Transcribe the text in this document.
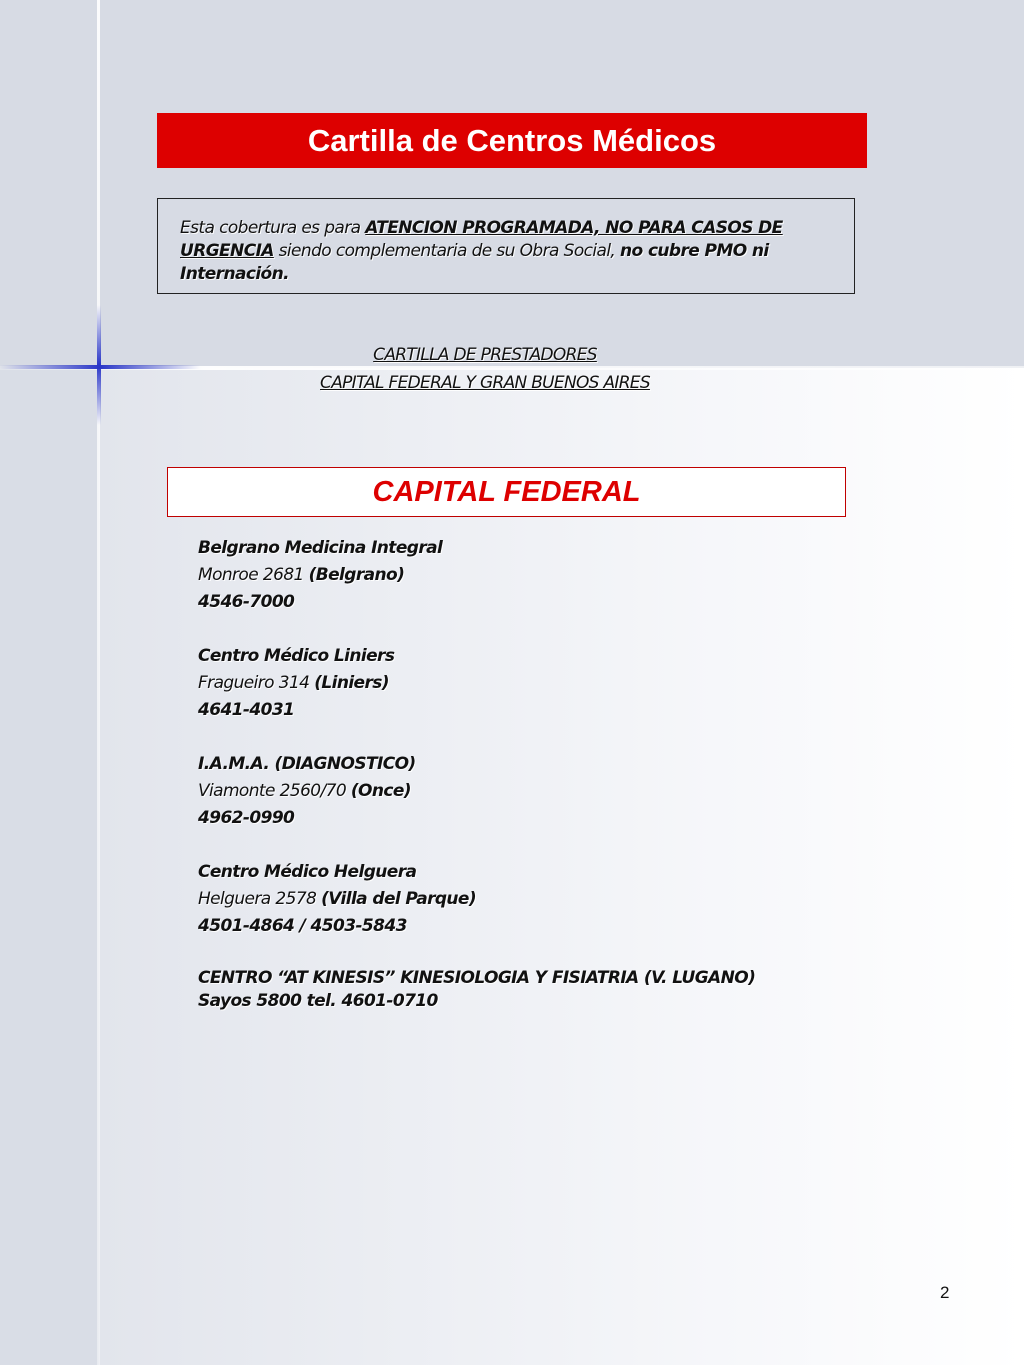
Cartilla de Centros Médicos
Esta cobertura es para ATENCION PROGRAMADA, NO PARA CASOS DE URGENCIA siendo complementaria de su Obra Social, no cubre PMO ni Internación.
CARTILLA DE PRESTADORES
CAPITAL FEDERAL Y GRAN BUENOS AIRES
CAPITAL FEDERAL
Belgrano Medicina Integral
Monroe 2681 (Belgrano)
4546-7000
Centro Médico Liniers
Fragueiro 314 (Liniers)
4641-4031
I.A.M.A. (DIAGNOSTICO)
Viamonte 2560/70 (Once)
4962-0990
Centro Médico Helguera
Helguera 2578 (Villa del Parque)
4501-4864 / 4503-5843
CENTRO “AT KINESIS” KINESIOLOGIA Y FISIATRIA (V. LUGANO)
Sayos 5800 tel. 4601-0710
2
